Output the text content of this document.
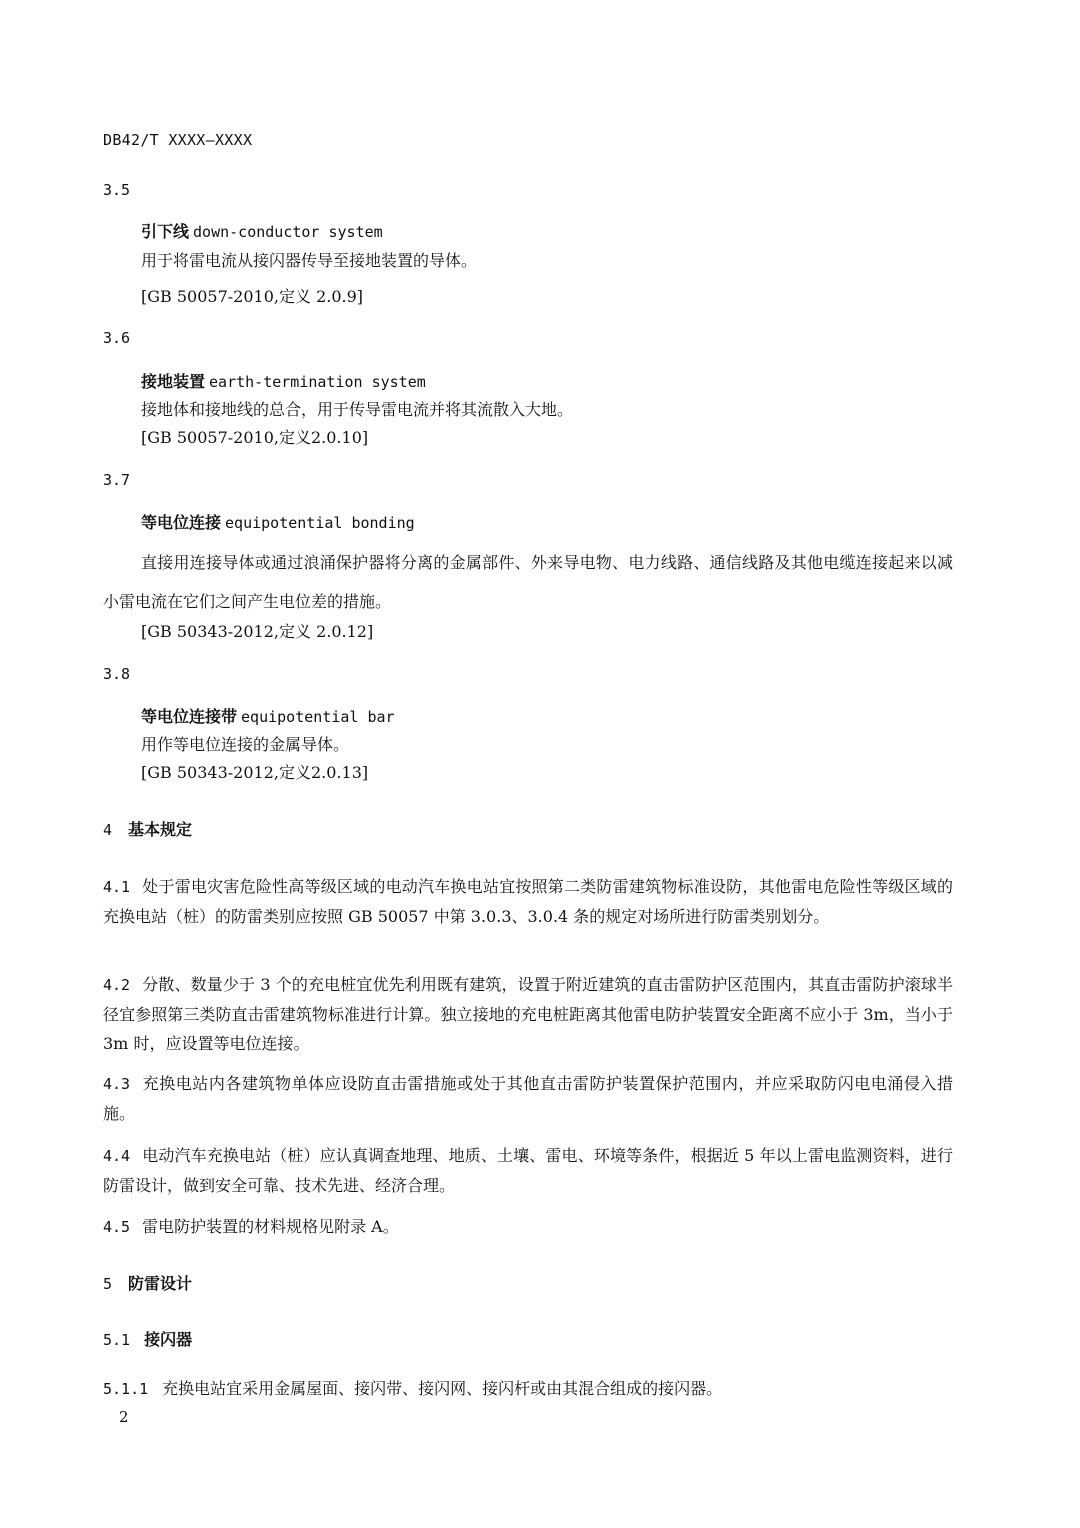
DB42/T XXXX—XXXX
3.5
引下线 down-conductor system
用于将雷电流从接闪器传导至接地装置的导体。
[GB 50057-2010,定义 2.0.9]
3.6
接地装置 earth-termination system
接地体和接地线的总合，用于传导雷电流并将其流散入大地。
[GB 50057-2010,定义2.0.10]
3.7
等电位连接 equipotential bonding
直接用连接导体或通过浪涌保护器将分离的金属部件、外来导电物、电力线路、通信线路及其他电缆连接起来以减小雷电流在它们之间产生电位差的措施。
[GB 50343-2012,定义 2.0.12]
3.8
等电位连接带 equipotential bar
用作等电位连接的金属导体。
[GB 50343-2012,定义2.0.13]
4 基本规定
4.1 处于雷电灾害危险性高等级区域的电动汽车换电站宜按照第二类防雷建筑物标准设防，其他雷电危险性等级区域的充换电站（桩）的防雷类别应按照 GB 50057 中第 3.0.3、3.0.4 条的规定对场所进行防雷类别划分。
4.2 分散、数量少于 3 个的充电桩宜优先利用既有建筑，设置于附近建筑的直击雷防护区范围内，其直击雷防护滚球半径宜参照第三类防直击雷建筑物标准进行计算。独立接地的充电桩距离其他雷电防护装置安全距离不应小于 3m，当小于 3m 时，应设置等电位连接。
4.3 充换电站内各建筑物单体应设防直击雷措施或处于其他直击雷防护装置保护范围内，并应采取防闪电电涌侵入措施。
4.4 电动汽车充换电站（桩）应认真调查地理、地质、土壤、雷电、环境等条件，根据近 5 年以上雷电监测资料，进行防雷设计，做到安全可靠、技术先进、经济合理。
4.5 雷电防护装置的材料规格见附录 A。
5 防雷设计
5.1 接闪器
5.1.1 充换电站宜采用金属屋面、接闪带、接闪网、接闪杆或由其混合组成的接闪器。
2
